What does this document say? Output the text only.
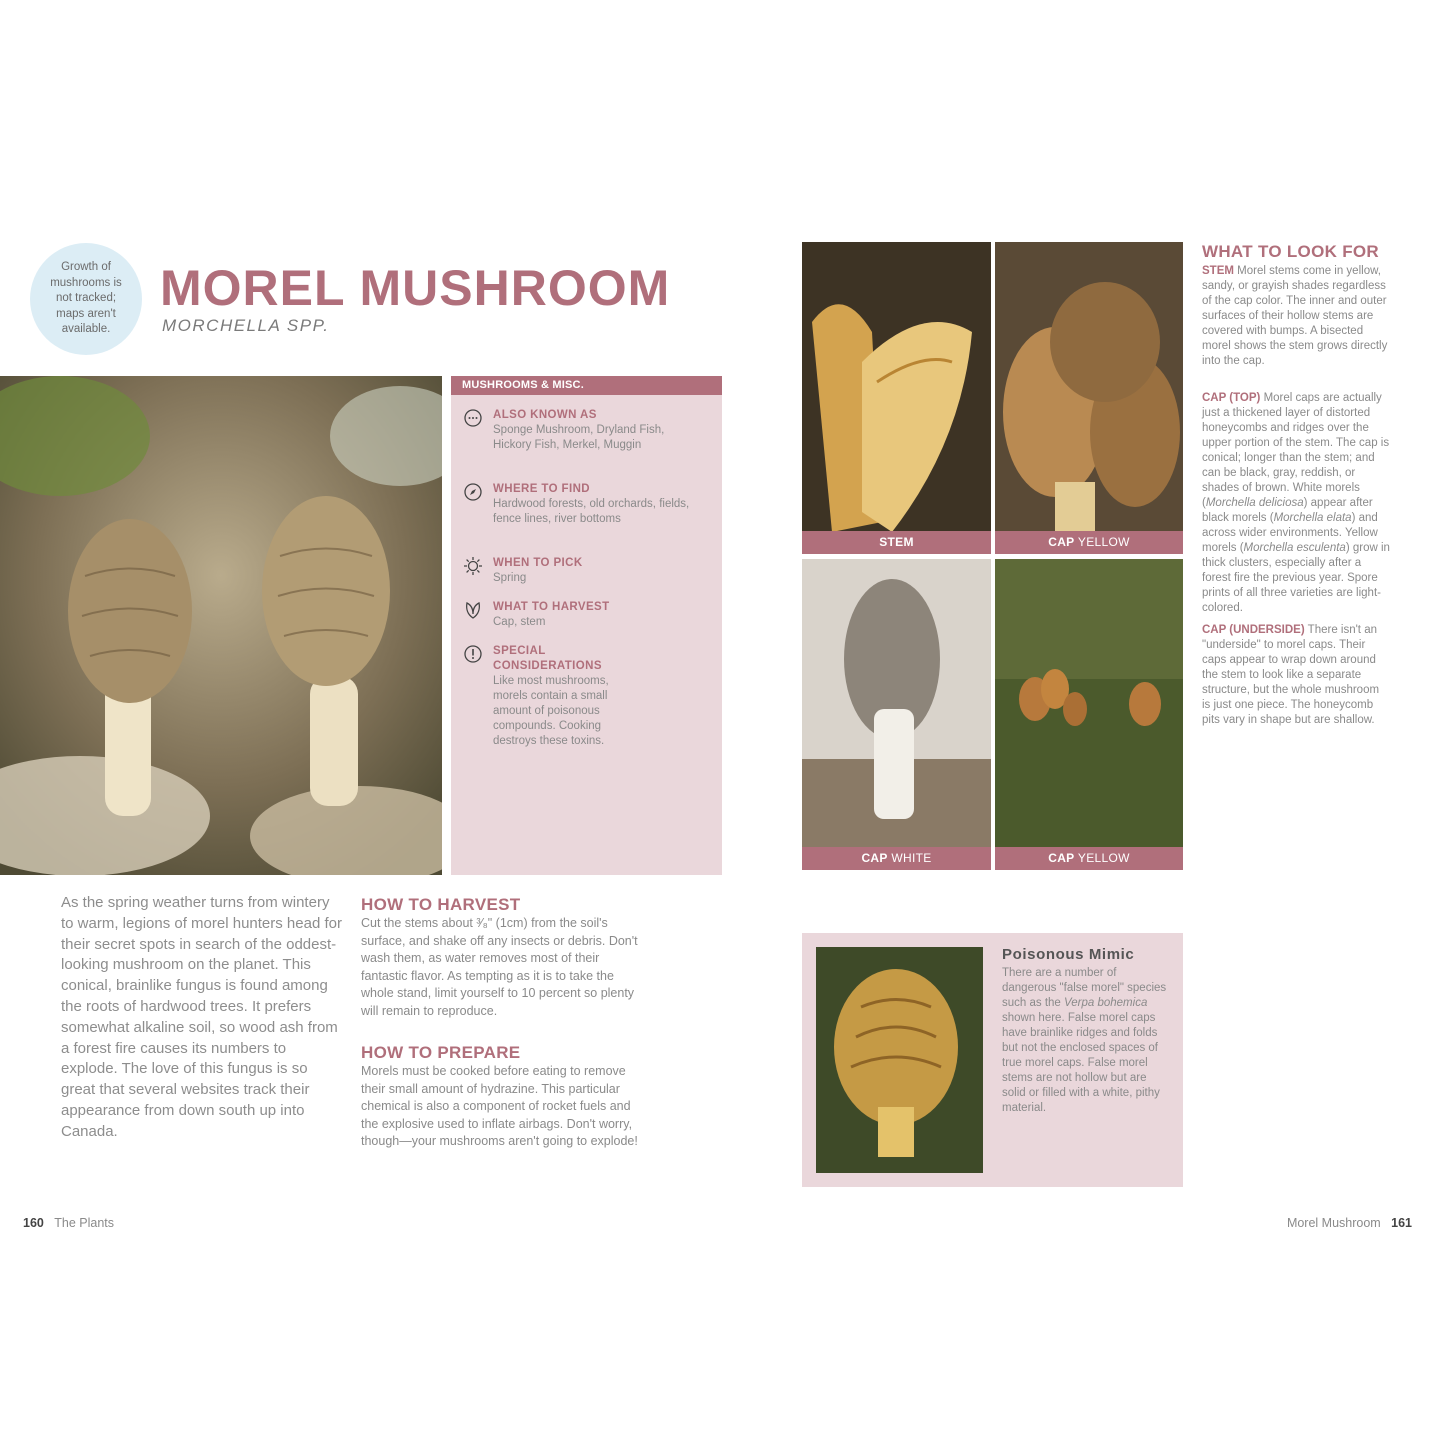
Growth of mushrooms is not tracked; maps aren't available.
MOREL MUSHROOM
MORCHELLA SPP.
MUSHROOMS & MISC.
ALSO KNOWN AS
Sponge Mushroom, Dryland Fish, Hickory Fish, Merkel, Muggin
WHERE TO FIND
Hardwood forests, old orchards, fields, fence lines, river bottoms
WHEN TO PICK
Spring
WHAT TO HARVEST
Cap, stem
SPECIAL CONSIDERATIONS
Like most mushrooms, morels contain a small amount of poisonous compounds. Cooking destroys these toxins.
As the spring weather turns from wintery to warm, legions of morel hunters head for their secret spots in search of the oddest-looking mushroom on the planet. This conical, brainlike fungus is found among the roots of hardwood trees. It prefers somewhat alkaline soil, so wood ash from a forest fire causes its numbers to explode. The love of this fungus is so great that several websites track their appearance from down south up into Canada.
HOW TO HARVEST
Cut the stems about ³⁄₈" (1cm) from the soil's surface, and shake off any insects or debris. Don't wash them, as water removes most of their fantastic flavor. As tempting as it is to take the whole stand, limit yourself to 10 percent so plenty will remain to reproduce.
HOW TO PREPARE
Morels must be cooked before eating to remove their small amount of hydrazine. This particular chemical is also a component of rocket fuels and the explosive used to inflate airbags. Don't worry, though—your mushrooms aren't going to explode!
STEM	CAP YELLOW
CAP WHITE	CAP YELLOW
WHAT TO LOOK FOR
STEM Morel stems come in yellow, sandy, or grayish shades regardless of the cap color. The inner and outer surfaces of their hollow stems are covered with bumps. A bisected morel shows the stem grows directly into the cap.
CAP (TOP) Morel caps are actually just a thickened layer of distorted honeycombs and ridges over the upper portion of the stem. The cap is conical; longer than the stem; and can be black, gray, reddish, or shades of brown. White morels (Morchella deliciosa) appear after black morels (Morchella elata) and across wider environments. Yellow morels (Morchella esculenta) grow in thick clusters, especially after a forest fire the previous year. Spore prints of all three varieties are light-colored.
CAP (UNDERSIDE) There isn't an "underside" to morel caps. Their caps appear to wrap down around the stem to look like a separate structure, but the whole mushroom is just one piece. The honeycomb pits vary in shape but are shallow.
Poisonous Mimic
There are a number of dangerous "false morel" species such as the Verpa bohemica shown here. False morel caps have brainlike ridges and folds but not the enclosed spaces of true morel caps. False morel stems are not hollow but are solid or filled with a white, pithy material.
160 The Plants	Morel Mushroom 161
